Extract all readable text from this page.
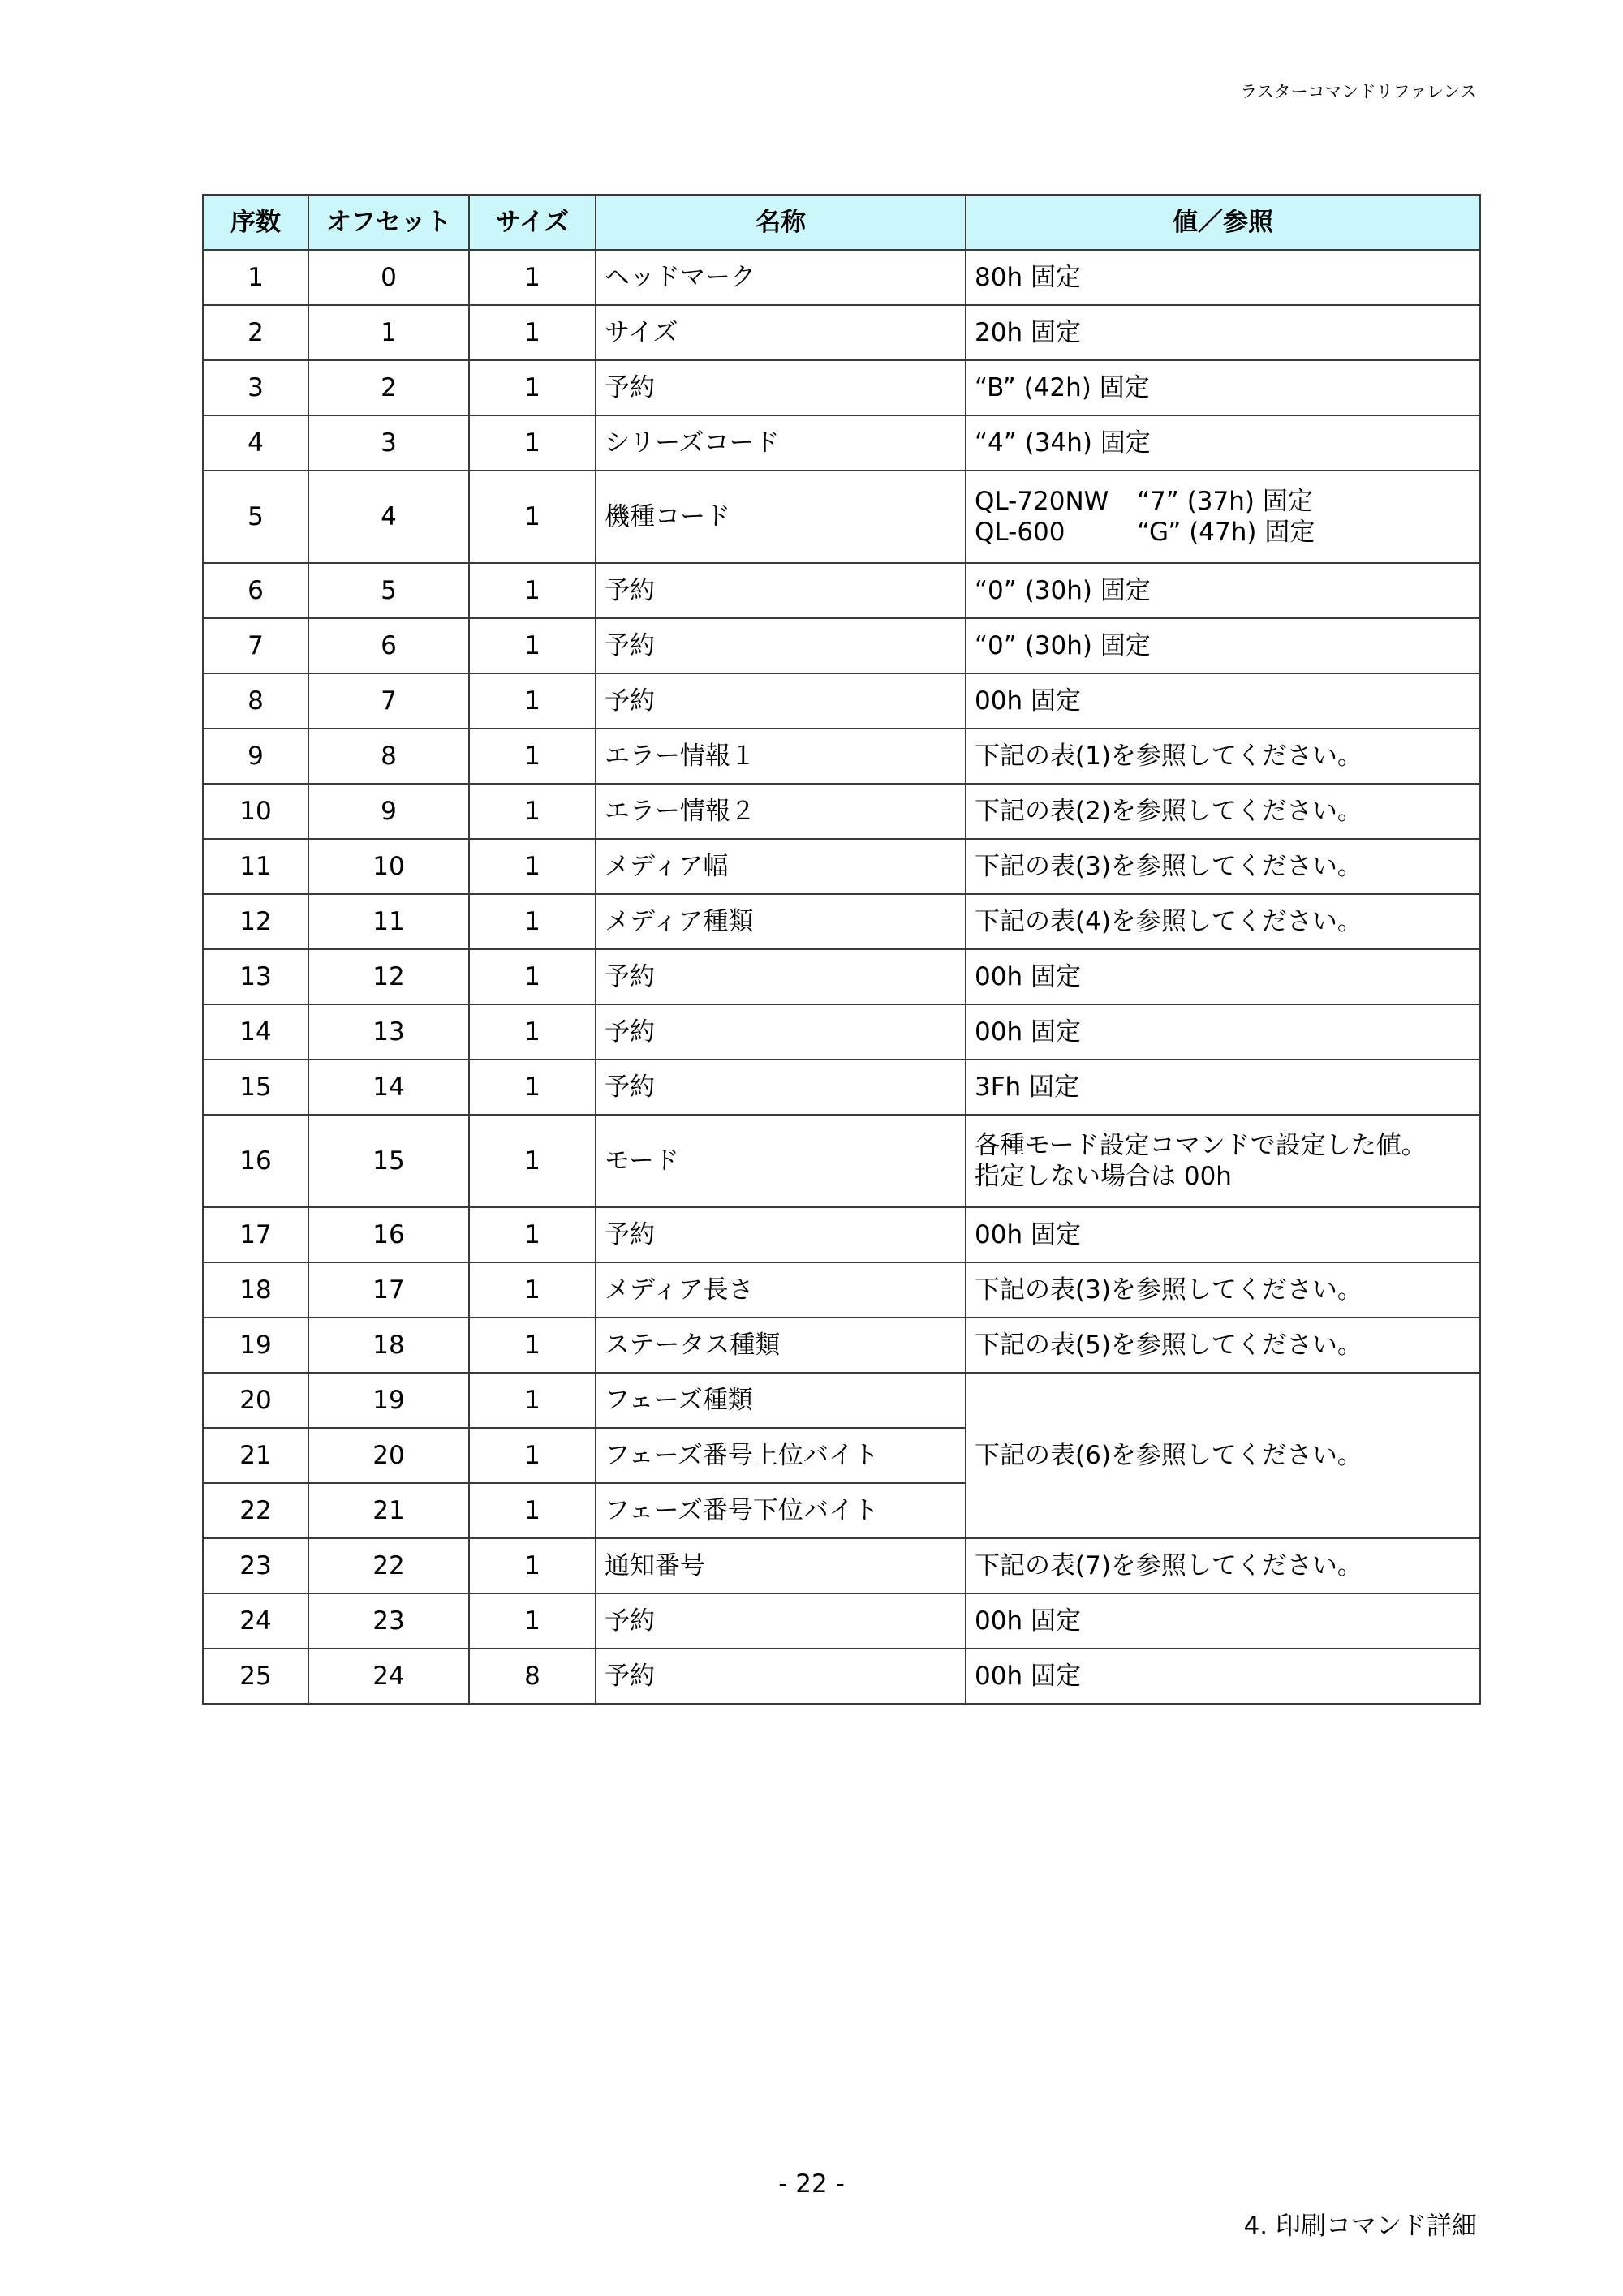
ラスターコマンドリファレンス
序数	オフセット	サイズ	名称	値／参照
1	0	1	ヘッドマーク	80h 固定
2	1	1	サイズ	20h 固定
3	2	1	予約	“B” (42h) 固定
4	3	1	シリーズコード	“4” (34h) 固定
5	4	1	機種コード	QL-720NW “7” (37h) 固定
QL-600 “G” (47h) 固定

6	5	1	予約	“0” (30h) 固定
7	6	1	予約	“0” (30h) 固定
8	7	1	予約	00h 固定
9	8	1	エラー情報１	下記の表(1)を参照してください。
10	9	1	エラー情報２	下記の表(2)を参照してください。
11	10	1	メディア幅	下記の表(3)を参照してください。
12	11	1	メディア種類	下記の表(4)を参照してください。
13	12	1	予約	00h 固定
14	13	1	予約	00h 固定
15	14	1	予約	3Fh 固定
16	15	1	モード	各種モード設定コマンドで設定した値。
指定しない場合は 00h

17	16	1	予約	00h 固定
18	17	1	メディア長さ	下記の表(3)を参照してください。
19	18	1	ステータス種類	下記の表(5)を参照してください。
20	19	1	フェーズ種類	下記の表(6)を参照してください。
21	20	1	フェーズ番号上位バイト	
22	21	1	フェーズ番号下位バイト	
23	22	1	通知番号	下記の表(7)を参照してください。
24	23	1	予約	00h 固定
25	24	8	予約	00h 固定
- 22 -
4. 印刷コマンド詳細
